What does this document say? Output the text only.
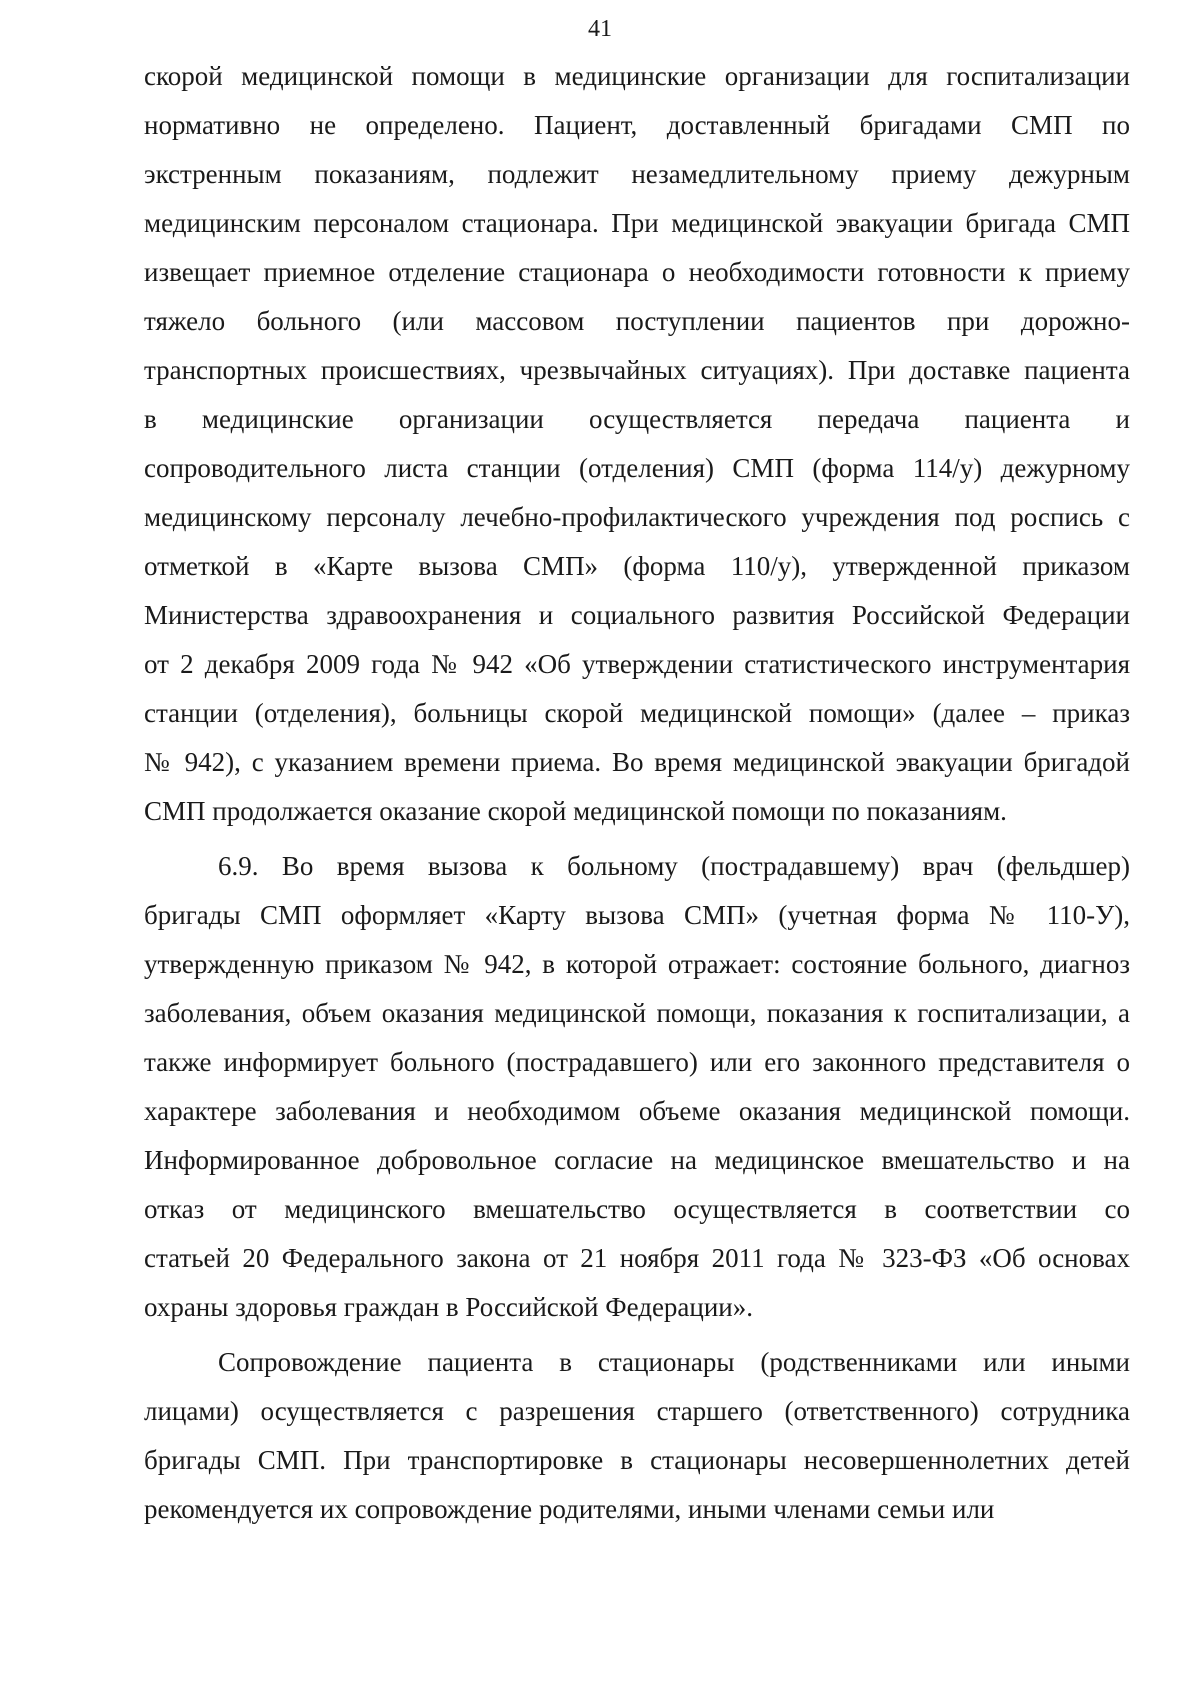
41
скорой медицинской помощи в медицинские организации для госпитализации
нормативно не определено. Пациент, доставленный бригадами СМП по
экстренным показаниям, подлежит незамедлительному приему дежурным
медицинским персоналом стационара. При медицинской эвакуации бригада СМП
извещает приемное отделение стационара о необходимости готовности к приему
тяжело больного (или массовом поступлении пациентов при дорожно-
транспортных происшествиях, чрезвычайных ситуациях). При доставке пациента
в медицинские организации осуществляется передача пациента и
сопроводительного листа станции (отделения) СМП (форма 114/у) дежурному
медицинскому персоналу лечебно-профилактического учреждения под роспись с
отметкой в «Карте вызова СМП» (форма 110/у), утвержденной приказом
Министерства здравоохранения и социального развития Российской Федерации
от 2 декабря 2009 года № 942 «Об утверждении статистического инструментария
станции (отделения), больницы скорой медицинской помощи» (далее – приказ
№ 942), с указанием времени приема. Во время медицинской эвакуации бригадой
СМП продолжается оказание скорой медицинской помощи по показаниям.
6.9. Во время вызова к больному (пострадавшему) врач (фельдшер)
бригады СМП оформляет «Карту вызова СМП» (учетная форма № 110-У),
утвержденную приказом № 942, в которой отражает: состояние больного, диагноз
заболевания, объем оказания медицинской помощи, показания к госпитализации, а
также информирует больного (пострадавшего) или его законного представителя о
характере заболевания и необходимом объеме оказания медицинской помощи.
Информированное добровольное согласие на медицинское вмешательство и на
отказ от медицинского вмешательство осуществляется в соответствии со
статьей 20 Федерального закона от 21 ноября 2011 года № 323-ФЗ «Об основах
охраны здоровья граждан в Российской Федерации».
Сопровождение пациента в стационары (родственниками или иными
лицами) осуществляется с разрешения старшего (ответственного) сотрудника
бригады СМП. При транспортировке в стационары несовершеннолетних детей
рекомендуется их сопровождение родителями, иными членами семьи или
